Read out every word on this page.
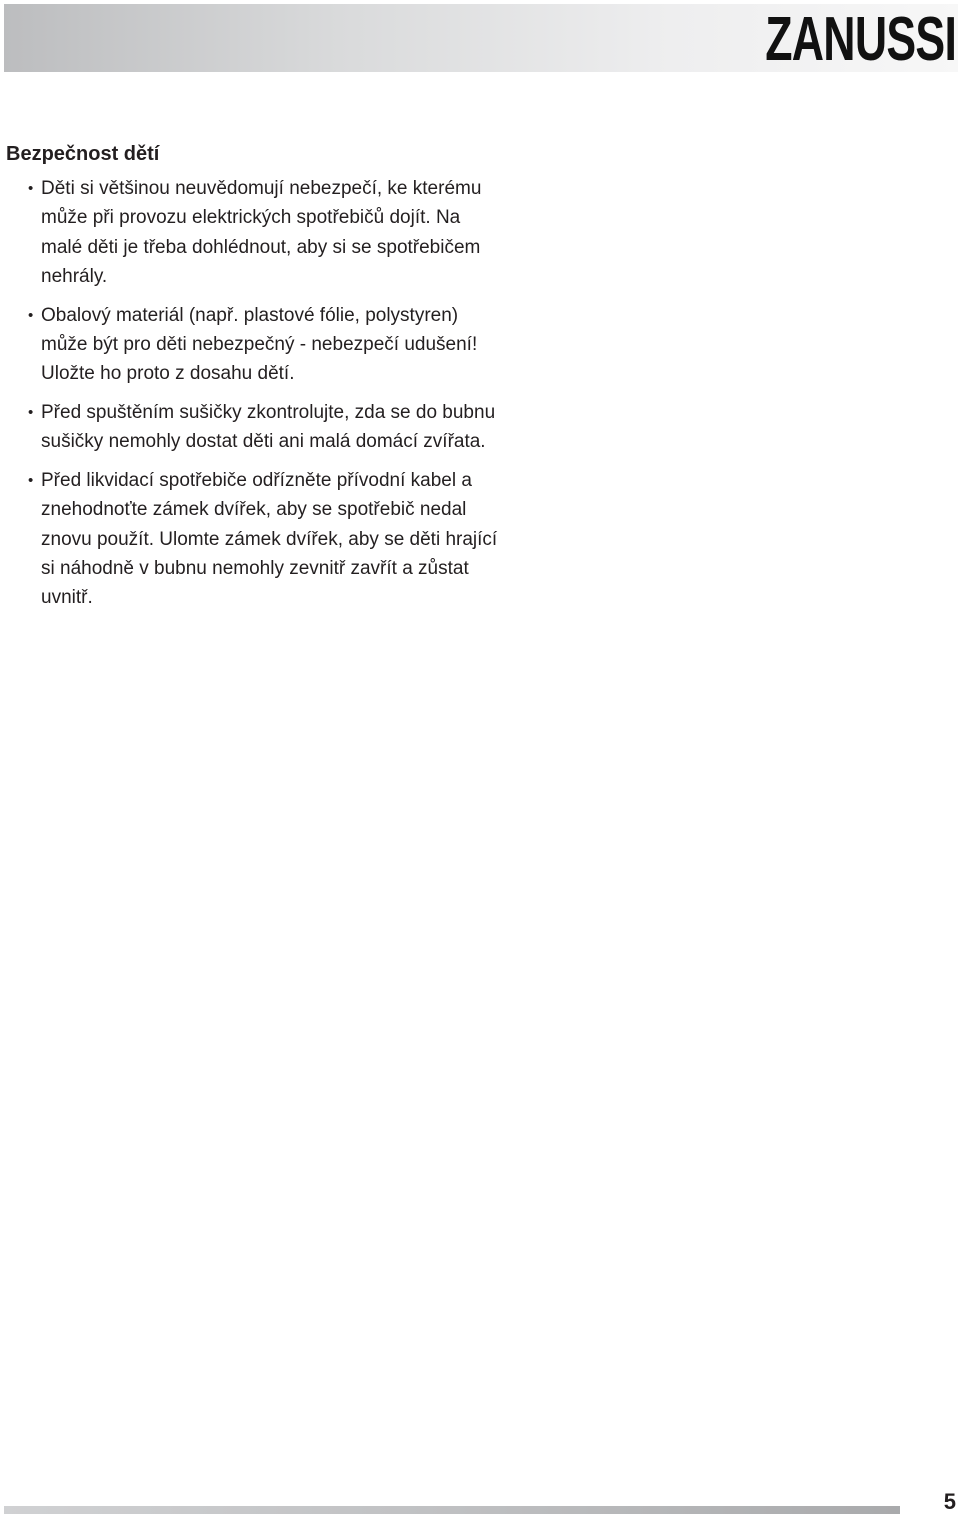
ZANUSSI
Bezpečnost dětí
• Děti si většinou neuvědomují nebezpečí, ke kterému může při provozu elektrických spotřebičů dojít. Na malé děti je třeba dohlédnout, aby si se spotřebičem nehrály.
• Obalový materiál (např. plastové fólie, polystyren) může být pro děti nebezpečný - nebezpečí udušení! Uložte ho proto z dosahu dětí.
• Před spuštěním sušičky zkontrolujte, zda se do bubnu sušičky nemohly dostat děti ani malá domácí zvířata.
• Před likvidací spotřebiče odřízněte přívodní kabel a znehodnoťte zámek dvířek, aby se spotřebič nedal znovu použít. Ulomte zámek dvířek, aby se děti hrající si náhodně v bubnu nemohly zevnitř zavřít a zůstat uvnitř.
5
